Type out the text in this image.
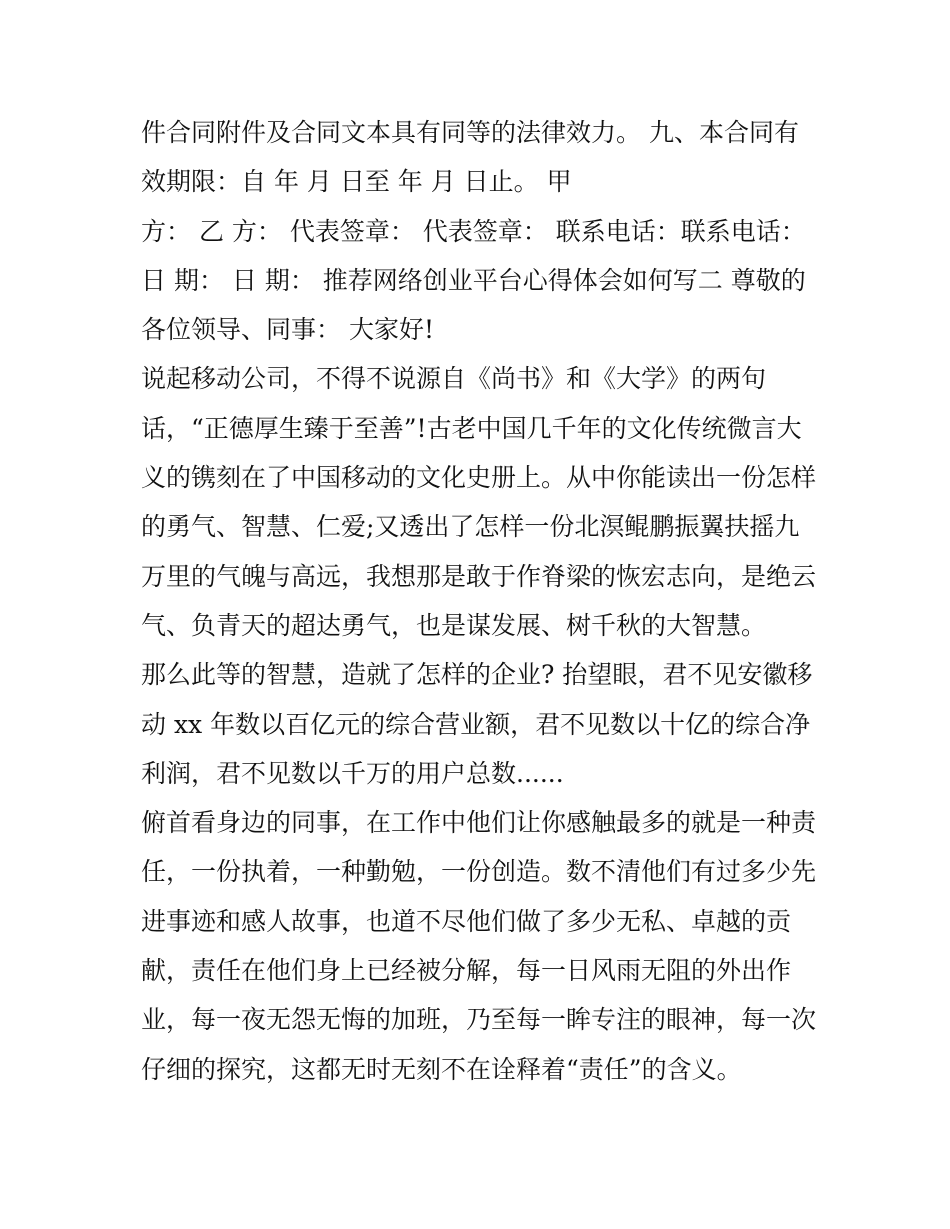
件合同附件及合同文本具有同等的法律效力。 九、本合同有
效期限：自 年 月 日至 年 月 日止。 甲
方： 乙 方： 代表签章： 代表签章： 联系电话：联系电话：
日 期： 日 期： 推荐网络创业平台心得体会如何写二 尊敬的
各位领导、同事： 大家好!
说起移动公司，不得不说源自《尚书》和《大学》的两句
话，“正德厚生臻于至善”!古老中国几千年的文化传统微言大
义的镌刻在了中国移动的文化史册上。从中你能读出一份怎样
的勇气、智慧、仁爱;又透出了怎样一份北溟鲲鹏振翼扶摇九
万里的气魄与高远，我想那是敢于作脊梁的恢宏志向，是绝云
气、负青天的超达勇气，也是谋发展、树千秋的大智慧。
那么此等的智慧，造就了怎样的企业? 抬望眼，君不见安徽移
动 xx 年数以百亿元的综合营业额，君不见数以十亿的综合净
利润，君不见数以千万的用户总数......
俯首看身边的同事，在工作中他们让你感触最多的就是一种责
任，一份执着，一种勤勉，一份创造。数不清他们有过多少先
进事迹和感人故事，也道不尽他们做了多少无私、卓越的贡
献，责任在他们身上已经被分解，每一日风雨无阻的外出作
业，每一夜无怨无悔的加班，乃至每一眸专注的眼神，每一次
仔细的探究，这都无时无刻不在诠释着“责任”的含义。
